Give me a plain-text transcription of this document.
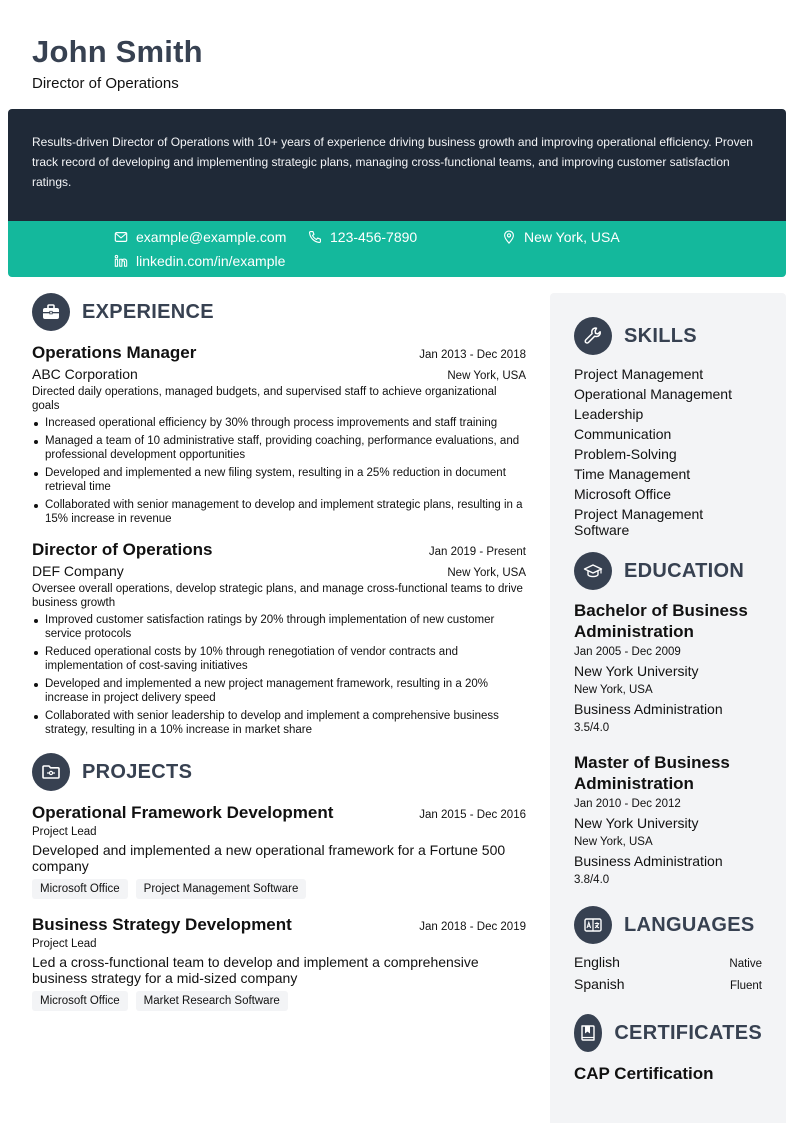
John Smith
Director of Operations

Results-driven Director of Operations with 10+ years of experience driving business growth and improving operational efficiency. Proven track record of developing and implementing strategic plans, managing cross-functional teams, and improving customer satisfaction ratings.

example@example.com	123-456-7890	New York, USA
linkedin.com/in/example
EXPERIENCE
Operations Manager	Jan 2013 - Dec 2018
ABC Corporation	New York, USA
Directed daily operations, managed budgets, and supervised staff to achieve organizational goals
Increased operational efficiency by 30% through process improvements and staff training
Managed a team of 10 administrative staff, providing coaching, performance evaluations, and professional development opportunities
Developed and implemented a new filing system, resulting in a 25% reduction in document retrieval time
Collaborated with senior management to develop and implement strategic plans, resulting in a 15% increase in revenue
Director of Operations	Jan 2019 - Present
DEF Company	New York, USA
Oversee overall operations, develop strategic plans, and manage cross-functional teams to drive business growth
Improved customer satisfaction ratings by 20% through implementation of new customer service protocols
Reduced operational costs by 10% through renegotiation of vendor contracts and implementation of cost-saving initiatives
Developed and implemented a new project management framework, resulting in a 20% increase in project delivery speed
Collaborated with senior leadership to develop and implement a comprehensive business strategy, resulting in a 10% increase in market share
PROJECTS
Operational Framework Development	Jan 2015 - Dec 2016
Project Lead
Developed and implemented a new operational framework for a Fortune 500 company
Microsoft Office	Project Management Software
Business Strategy Development	Jan 2018 - Dec 2019
Project Lead
Led a cross-functional team to develop and implement a comprehensive business strategy for a mid-sized company
Microsoft Office	Market Research Software
SKILLS
Project Management
Operational Management
Leadership
Communication
Problem-Solving
Time Management
Microsoft Office
Project Management Software
EDUCATION
Bachelor of Business Administration
Jan 2005 - Dec 2009
New York University
New York, USA
Business Administration
3.5/4.0
Master of Business Administration
Jan 2010 - Dec 2012
New York University
New York, USA
Business Administration
3.8/4.0
LANGUAGES
English	Native
Spanish	Fluent
CERTIFICATES
CAP Certification
